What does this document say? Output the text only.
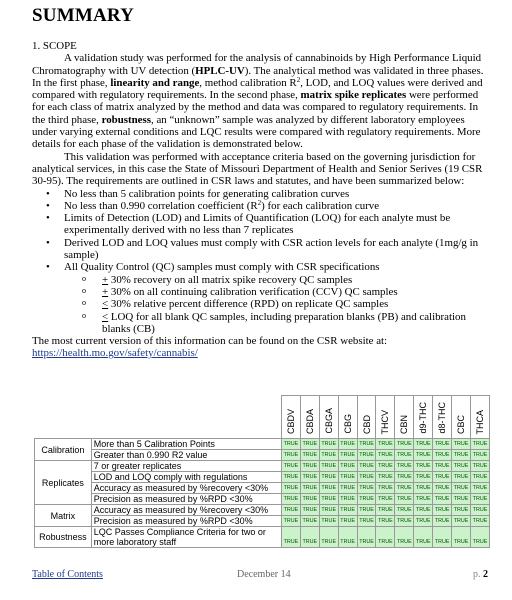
SUMMARY

1. SCOPE

A validation study was performed for the analysis of cannabinoids by High Performance Liquid Chromatography with UV detection (HPLC-UV). The analytical method was validated in three phases. In the first phase, linearity and range, method calibration $R^2$, LOD, and LOQ values were derived and compared with regulatory requirements. In the second phase, matrix spike replicates were performed for each class of matrix analyzed by the method and data was compared to regulatory requirements. In the third phase, robustness, an “unknown” sample was analyzed by different laboratory employees under varying external conditions and LQC results were compared with regulatory requirements. More details for each phase of the validation is demonstrated below.

This validation was performed with acceptance criteria based on the governing jurisdiction for analytical services, in this case the State of Missouri Department of Health and Senior Serives (19 CSR 30-95). The requirements are outlined in CSR laws and statutes, and have been summarized below:

• No less than 5 calibration points for generating calibration curves
• No less than 0.990 correlation coefficient $(R^2)$ for each calibration curve
• Limits of Detection (LOD) and Limits of Quantification (LOQ) for each analyte must be experimentally derived with no less than 7 replicates
• Derived LOD and LOQ values must comply with CSR action levels for each analyte (1mg/g in sample)
• All Quality Control (QC) samples must comply with CSR specifications
o + 30% recovery on all matrix spike recovery QC samples
o + 30% on all continuing calibration verification (CCV) QC samples
o < 30% relative percent difference (RPD) on replicate QC samples
o < LOQ for all blank QC samples, including preparation blanks (PB) and calibration blanks (CB)

The most current version of this information can be found on the CSR website at:

https://health.mo.gov/safety/cannabis/

		CBDV	CBDA	CBGA	CBG	CBD	THCV	CBN	d9-THC	d8-THC	CBC	THCA
Calibration	More than 5 Calibration Points	TRUE	TRUE	TRUE	TRUE	TRUE	TRUE	TRUE	TRUE	TRUE	TRUE	TRUE
	Greater than 0.990 R2 value	TRUE	TRUE	TRUE	TRUE	TRUE	TRUE	TRUE	TRUE	TRUE	TRUE	TRUE
Replicates	7 or greater replicates	TRUE	TRUE	TRUE	TRUE	TRUE	TRUE	TRUE	TRUE	TRUE	TRUE	TRUE
	LOD and LOQ comply with regulations	TRUE	TRUE	TRUE	TRUE	TRUE	TRUE	TRUE	TRUE	TRUE	TRUE	TRUE
	Accuracy as measured by %recovery <30%	TRUE	TRUE	TRUE	TRUE	TRUE	TRUE	TRUE	TRUE	TRUE	TRUE	TRUE
	Precision as measured by %RPD <30%	TRUE	TRUE	TRUE	TRUE	TRUE	TRUE	TRUE	TRUE	TRUE	TRUE	TRUE
Matrix	Accuracy as measured by %recovery <30%	TRUE	TRUE	TRUE	TRUE	TRUE	TRUE	TRUE	TRUE	TRUE	TRUE	TRUE
	Precision as measured by %RPD <30%	TRUE	TRUE	TRUE	TRUE	TRUE	TRUE	TRUE	TRUE	TRUE	TRUE	TRUE
Robustness	LQC Passes Compliance Criteria for two or more laboratory staff	TRUE	TRUE	TRUE	TRUE	TRUE	TRUE	TRUE	TRUE	TRUE	TRUE	TRUE
Table of Contents	December 14	p. 2
